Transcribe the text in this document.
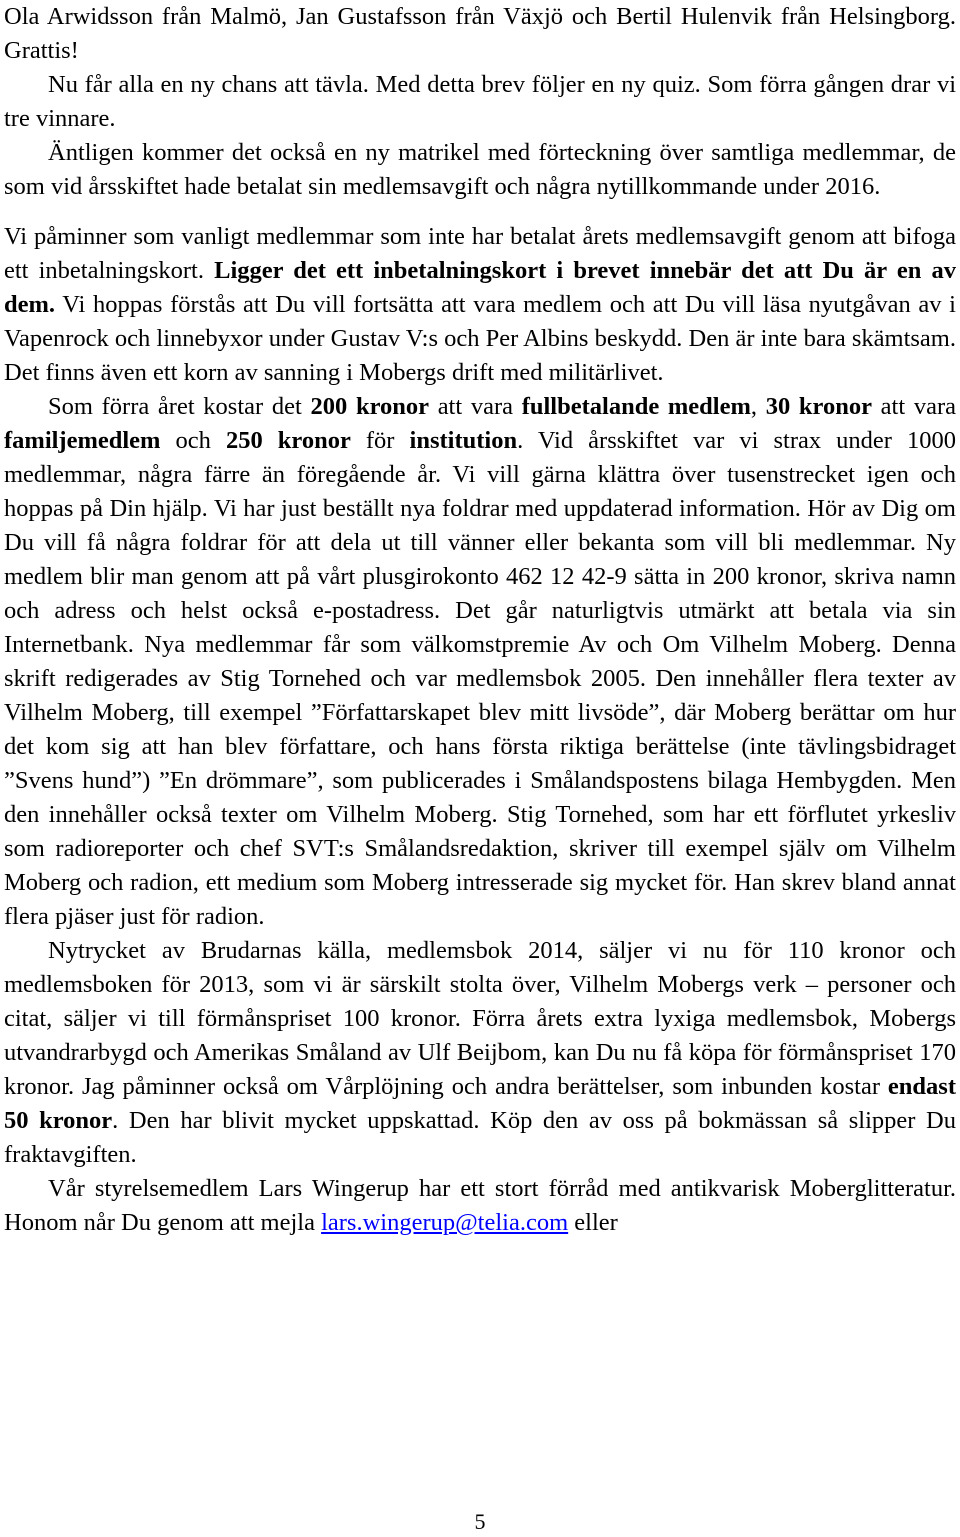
Ola Arwidsson från Malmö, Jan Gustafsson från Växjö och Bertil Hulenvik från Helsingborg. Grattis!

Nu får alla en ny chans att tävla. Med detta brev följer en ny quiz. Som förra gången drar vi tre vinnare.

Äntligen kommer det också en ny matrikel med förteckning över samtliga medlemmar, de som vid årsskiftet hade betalat sin medlemsavgift och några nytillkommande under 2016.

Vi påminner som vanligt medlemmar som inte har betalat årets medlemsavgift genom att bifoga ett inbetalningskort. Ligger det ett inbetalningskort i brevet innebär det att Du är en av dem. Vi hoppas förstås att Du vill fortsätta att vara medlem och att Du vill läsa nyutgåvan av i Vapenrock och linnebyxor under Gustav V:s och Per Albins beskydd. Den är inte bara skämtsam. Det finns även ett korn av sanning i Mobergs drift med militärlivet.

Som förra året kostar det 200 kronor att vara fullbetalande medlem, 30 kronor att vara familjemedlem och 250 kronor för institution. Vid årsskiftet var vi strax under 1000 medlemmar, några färre än föregående år. Vi vill gärna klättra över tusenstrecket igen och hoppas på Din hjälp. Vi har just beställt nya foldrar med uppdaterad information. Hör av Dig om Du vill få några foldrar för att dela ut till vänner eller bekanta som vill bli medlemmar. Ny medlem blir man genom att på vårt plusgirokonto 462 12 42-9 sätta in 200 kronor, skriva namn och adress och helst också e-postadress. Det går naturligtvis utmärkt att betala via sin Internetbank. Nya medlemmar får som välkomstpremie Av och Om Vilhelm Moberg. Denna skrift redigerades av Stig Tornehed och var medlemsbok 2005. Den innehåller flera texter av Vilhelm Moberg, till exempel ”Författarskapet blev mitt livsöde”, där Moberg berättar om hur det kom sig att han blev författare, och hans första riktiga berättelse (inte tävlingsbidraget ”Svens hund”) ”En drömmare”, som publicerades i Smålandspostens bilaga Hembygden. Men den innehåller också texter om Vilhelm Moberg. Stig Tornehed, som har ett förflutet yrkesliv som radioreporter och chef SVT:s Smålandsredaktion, skriver till exempel själv om Vilhelm Moberg och radion, ett medium som Moberg intresserade sig mycket för. Han skrev bland annat flera pjäser just för radion.

Nytrycket av Brudarnas källa, medlemsbok 2014, säljer vi nu för 110 kronor och medlemsboken för 2013, som vi är särskilt stolta över, Vilhelm Mobergs verk – personer och citat, säljer vi till förmånspriset 100 kronor. Förra årets extra lyxiga medlemsbok, Mobergs utvandrarbygd och Amerikas Småland av Ulf Beijbom, kan Du nu få köpa för förmånspriset 170 kronor. Jag påminner också om Vårplöjning och andra berättelser, som inbunden kostar endast 50 kronor. Den har blivit mycket uppskattad. Köp den av oss på bokmässan så slipper Du fraktavgiften.

Vår styrelsemedlem Lars Wingerup har ett stort förråd med antikvarisk Moberglitteratur. Honom når Du genom att mejla lars.wingerup@telia.com eller

5
